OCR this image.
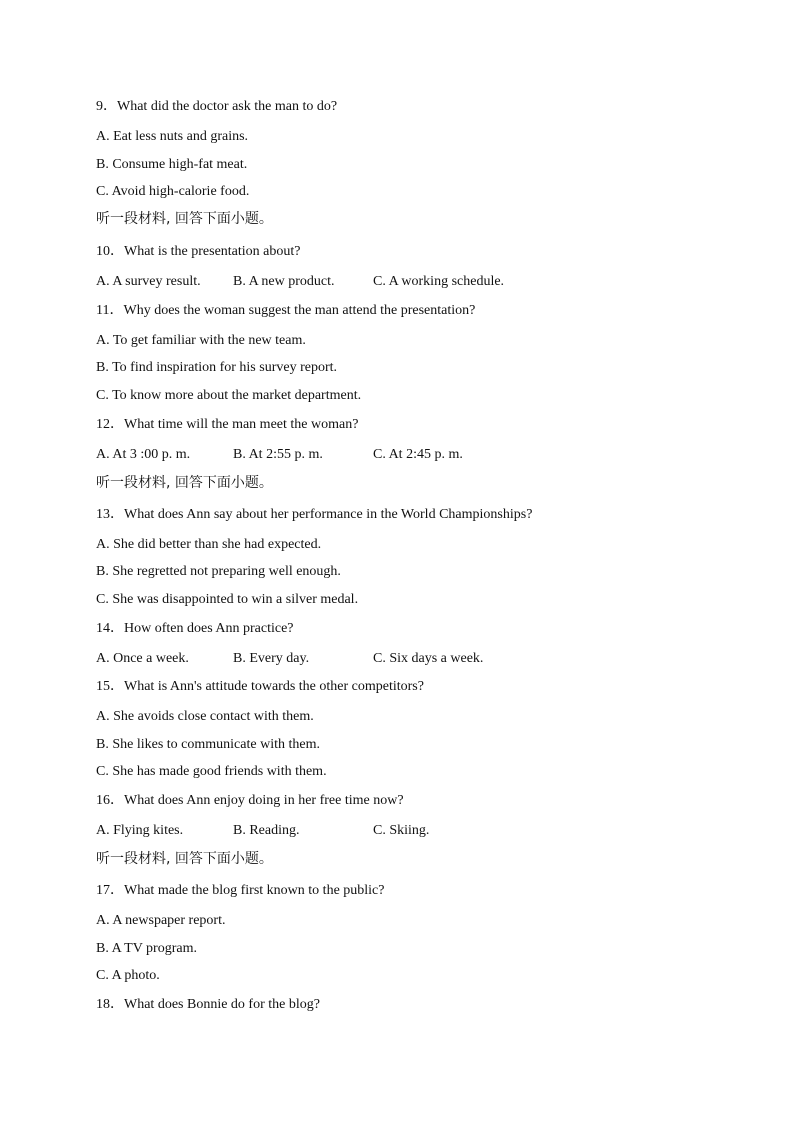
9．What did the doctor ask the man to do?
A. Eat less nuts and grains.
B. Consume high-fat meat.
C. Avoid high-calorie food.
听一段材料, 回答下面小题。
10．What is the presentation about?

A. A survey result.

B. A new product.

	C. A working schedule.

11．Why does the woman suggest the man attend the presentation?
A. To get familiar with the new team.
B. To find inspiration for his survey report.
C. To know more about the market department.
12．What time will the man meet the woman?

A. At 3 :00 p. m.

	B. At 2:55 p. m.

	C. At 2:45 p. m.

听一段材料, 回答下面小题。
13．What does Ann say about her performance in the World Championships?
A. She did better than she had expected.
B. She regretted not preparing well enough.
C. She was disappointed to win a silver medal.
14．How often does Ann practice?

A. Once a week.

	B. Every day.

	C. Six days a week.

15．What is Ann's attitude towards the other competitors?
A. She avoids close contact with them.
B. She likes to communicate with them.
C. She has made good friends with them.
16．What does Ann enjoy doing in her free time now?

A. Flying kites.

	B. Reading.

	C. Skiing.

听一段材料, 回答下面小题。
17．What made the blog first known to the public?
A. A newspaper report.
B. A TV program.
C. A photo.
18．What does Bonnie do for the blog?
